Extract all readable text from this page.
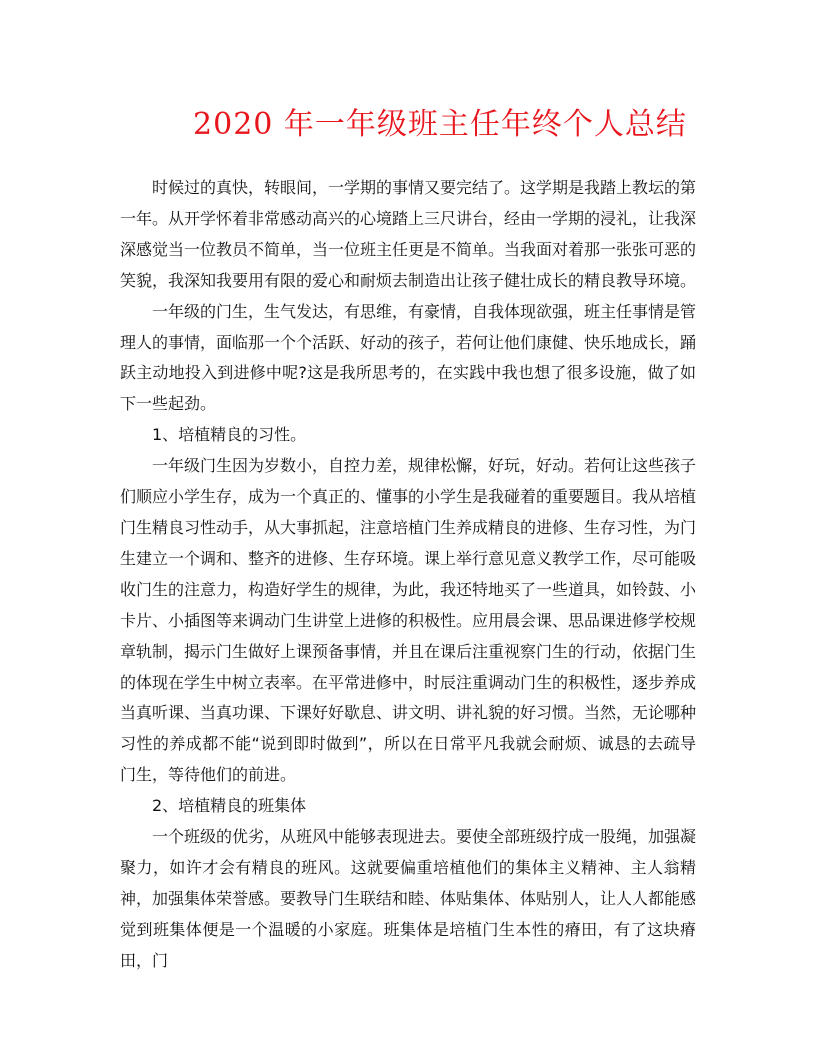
2020 年一年级班主任年终个人总结

时候过的真快，转眼间，一学期的事情又要完结了。这学期是我踏上教坛的第一年。从开学怀着非常感动高兴的心境踏上三尺讲台，经由一学期的浸礼，让我深深感觉当一位教员不简单，当一位班主任更是不简单。当我面对着那一张张可恶的笑貌，我深知我要用有限的爱心和耐烦去制造出让孩子健壮成长的精良教导环境。

一年级的门生，生气发达，有思维，有豪情，自我体现欲强，班主任事情是管理人的事情，面临那一个个活跃、好动的孩子，若何让他们康健、快乐地成长，踊跃主动地投入到进修中呢?这是我所思考的，在实践中我也想了很多设施，做了如下一些起劲。

1、培植精良的习性。

一年级门生因为岁数小，自控力差，规律松懈，好玩，好动。若何让这些孩子们顺应小学生存，成为一个真正的、懂事的小学生是我碰着的重要题目。我从培植门生精良习性动手，从大事抓起，注意培植门生养成精良的进修、生存习性，为门生建立一个调和、整齐的进修、生存环境。课上举行意见意义教学工作，尽可能吸收门生的注意力，构造好学生的规律，为此，我还特地买了一些道具，如铃鼓、小卡片、小插图等来调动门生讲堂上进修的积极性。应用晨会课、思品课进修学校规章轨制，揭示门生做好上课预备事情，并且在课后注重视察门生的行动，依据门生的体现在学生中树立表率。在平常进修中，时辰注重调动门生的积极性，逐步养成当真听课、当真功课、下课好好歇息、讲文明、讲礼貌的好习惯。当然，无论哪种习性的养成都不能“说到即时做到”，所以在日常平凡我就会耐烦、诚恳的去疏导门生，等待他们的前进。

2、培植精良的班集体

一个班级的优劣，从班风中能够表现进去。要使全部班级拧成一股绳，加强凝聚力，如许才会有精良的班风。这就要偏重培植他们的集体主义精神、主人翁精神，加强集体荣誉感。要教导门生联结和睦、体贴集体、体贴别人，让人人都能感觉到班集体便是一个温暖的小家庭。班集体是培植门生本性的瘠田，有了这块瘠田，门
